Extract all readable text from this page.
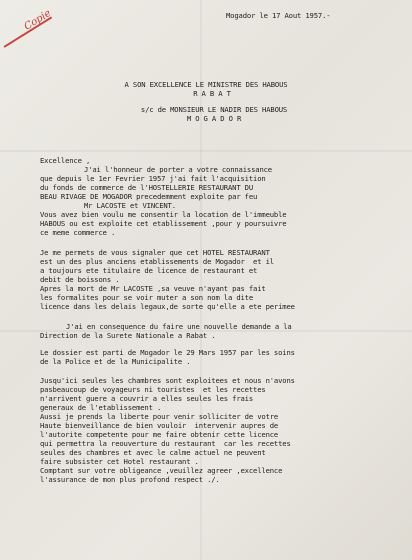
Copie	Mogador le 17 Aout 1957.-
A SON EXCELLENCE LE MINISTRE DES HABOUS
R A B A T
s/c de MONSIEUR LE NADIR DES HABOUS
M O G A D O R
Excellence ,
J'ai l'honneur de porter a votre connaissance
que depuis le 1er Fevrier 1957 j'ai fait l'acquisition
du fonds de commerce de l'HOSTELLERIE RESTAURANT DU
BEAU RIVAGE DE MOGADOR precedemment exploite par feu
Mr LACOSTE et VINCENT.
Vous avez bien voulu me consentir la location de l'immeuble
HABOUS ou est exploite cet etablissement ,pour y poursuivre
ce meme commerce .
Je me permets de vous signaler que cet HOTEL RESTAURANT
est un des plus anciens etablissements de Mogador  et il
a toujours ete titulaire de licence de restaurant et
debit de boissons .
Apres la mort de Mr LACOSTE ,sa veuve n'ayant pas fait
les formalites pour se voir muter a son nom la dite
licence dans les delais legaux,de sorte qu'elle a ete perimee
J'ai en consequence du faire une nouvelle demande a la
Direction de la Surete Nationale a Rabat .
Le dossier est parti de Mogador le 29 Mars 1957 par les soins
de la Police et de la Municipalite .
Jusqu'ici seules les chambres sont exploitees et nous n'avons
pasbeaucoup de voyageurs ni touristes  et les recettes
n'arrivent guere a couvrir a elles seules les frais
generaux de l'etablissement .
Aussi je prends la liberte pour venir solliciter de votre
Haute bienveillance de bien vouloir  intervenir aupres de
l'autorite competente pour me faire obtenir cette licence
qui permettra la reouverture du restaurant  car les recettes
seules des chambres et avec le calme actuel ne peuvent
faire subsister cet Hotel restaurant .
Comptant sur votre obligeance ,veuillez agreer ,excellence
l'assurance de mon plus profond respect ./.
